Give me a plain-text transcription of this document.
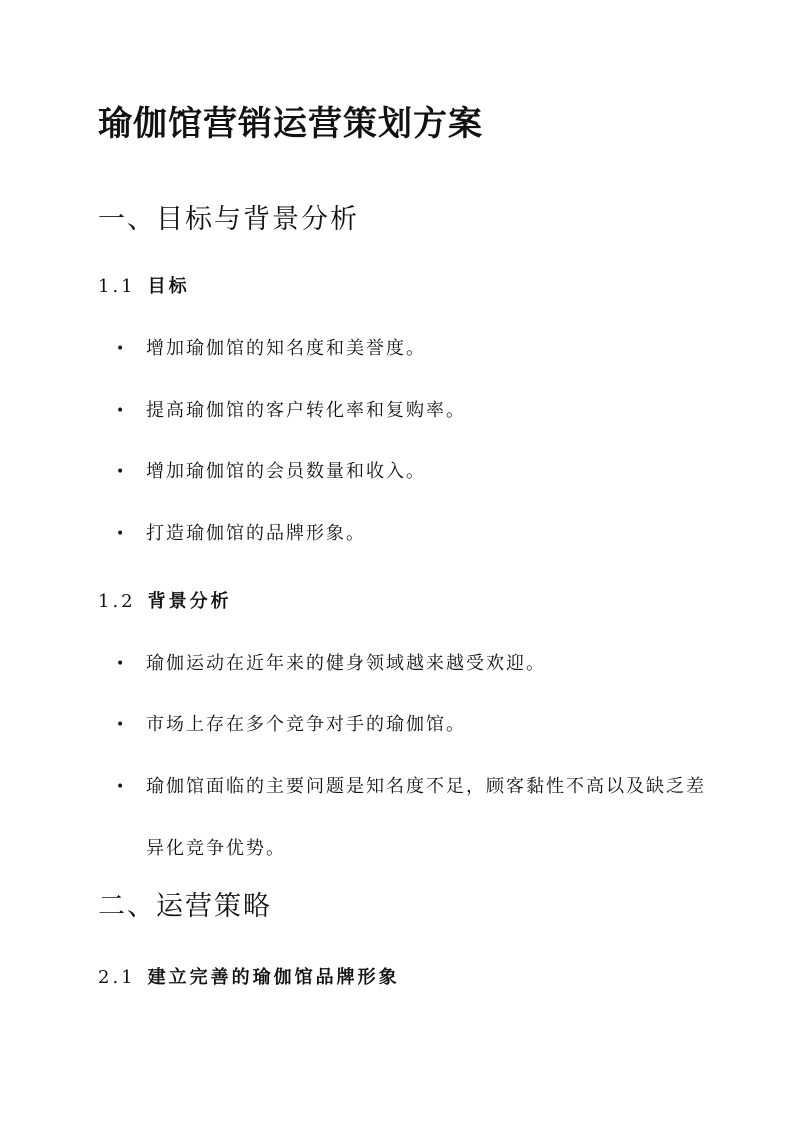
瑜伽馆营销运营策划方案
一、目标与背景分析
1.1 目标
•	增加瑜伽馆的知名度和美誉度。
•	提高瑜伽馆的客户转化率和复购率。
•	增加瑜伽馆的会员数量和收入。
•	打造瑜伽馆的品牌形象。
1.2 背景分析
•	瑜伽运动在近年来的健身领域越来越受欢迎。
•	市场上存在多个竞争对手的瑜伽馆。
•	瑜伽馆面临的主要问题是知名度不足，顾客黏性不高以及缺乏差异化竞争优势。
二、运营策略
2.1 建立完善的瑜伽馆品牌形象
